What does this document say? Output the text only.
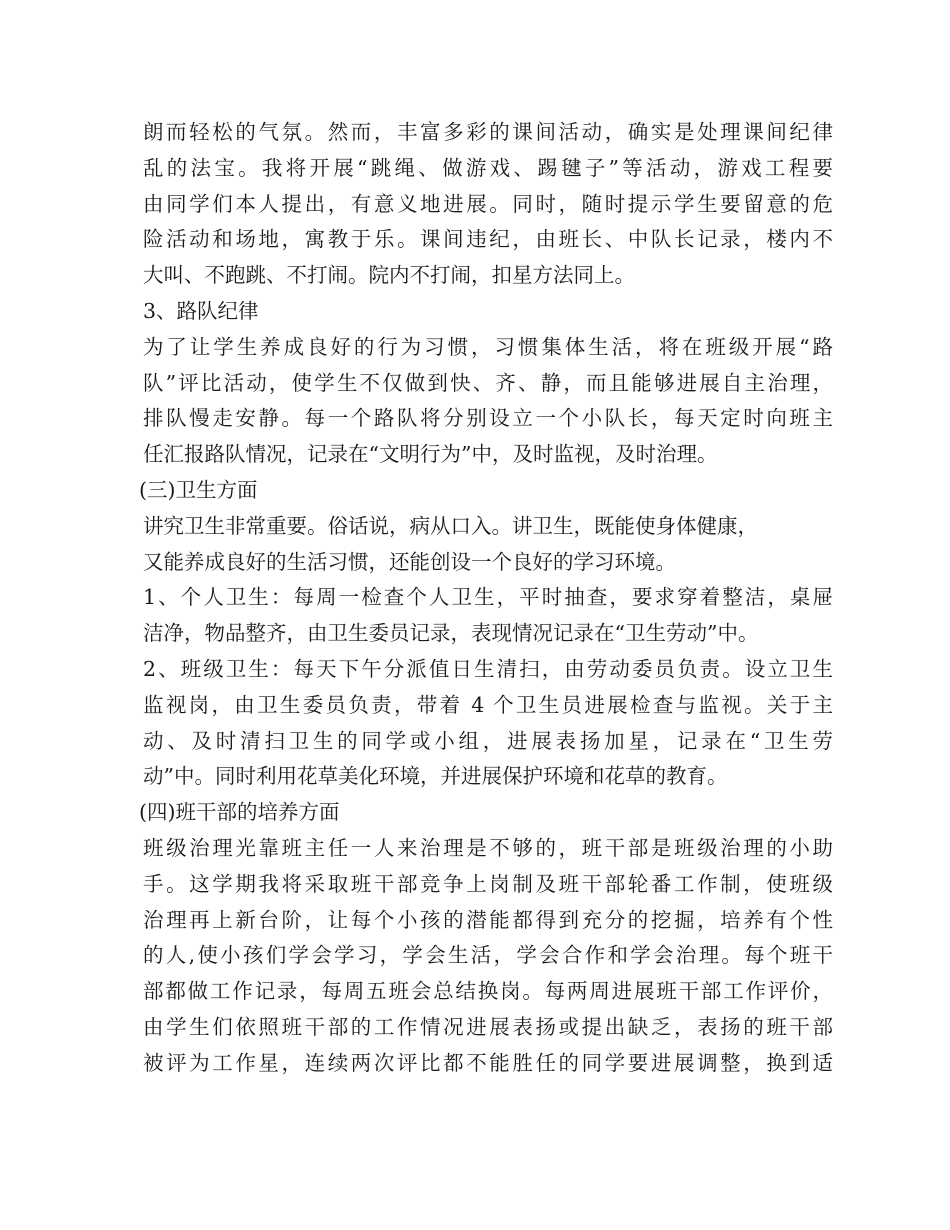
朗而轻松的气氛。然而，丰富多彩的课间活动，确实是处理课间纪律
乱的法宝。我将开展“跳绳、做游戏、踢毽子”等活动，游戏工程要
由同学们本人提出，有意义地进展。同时，随时提示学生要留意的危
险活动和场地，寓教于乐。课间违纪，由班长、中队长记录，楼内不
大叫、不跑跳、不打闹。院内不打闹，扣星方法同上。
3、路队纪律
为了让学生养成良好的行为习惯，习惯集体生活，将在班级开展“路
队”评比活动，使学生不仅做到快、齐、静，而且能够进展自主治理，
排队慢走安静。每一个路队将分别设立一个小队长，每天定时向班主
任汇报路队情况，记录在“文明行为”中，及时监视，及时治理。
(三)卫生方面
讲究卫生非常重要。俗话说，病从口入。讲卫生，既能使身体健康，
又能养成良好的生活习惯，还能创设一个良好的学习环境。
1、个人卫生：每周一检查个人卫生，平时抽查，要求穿着整洁，桌屉
洁净，物品整齐，由卫生委员记录，表现情况记录在“卫生劳动”中。
2、班级卫生：每天下午分派值日生清扫，由劳动委员负责。设立卫生
监视岗，由卫生委员负责，带着 4 个卫生员进展检查与监视。关于主
动、及时清扫卫生的同学或小组，进展表扬加星，记录在“卫生劳
动”中。同时利用花草美化环境，并进展保护环境和花草的教育。
(四)班干部的培养方面
班级治理光靠班主任一人来治理是不够的，班干部是班级治理的小助
手。这学期我将采取班干部竞争上岗制及班干部轮番工作制，使班级
治理再上新台阶，让每个小孩的潜能都得到充分的挖掘，培养有个性
的人,使小孩们学会学习，学会生活，学会合作和学会治理。每个班干
部都做工作记录，每周五班会总结换岗。每两周进展班干部工作评价，
由学生们依照班干部的工作情况进展表扬或提出缺乏，表扬的班干部
被评为工作星，连续两次评比都不能胜任的同学要进展调整，换到适
